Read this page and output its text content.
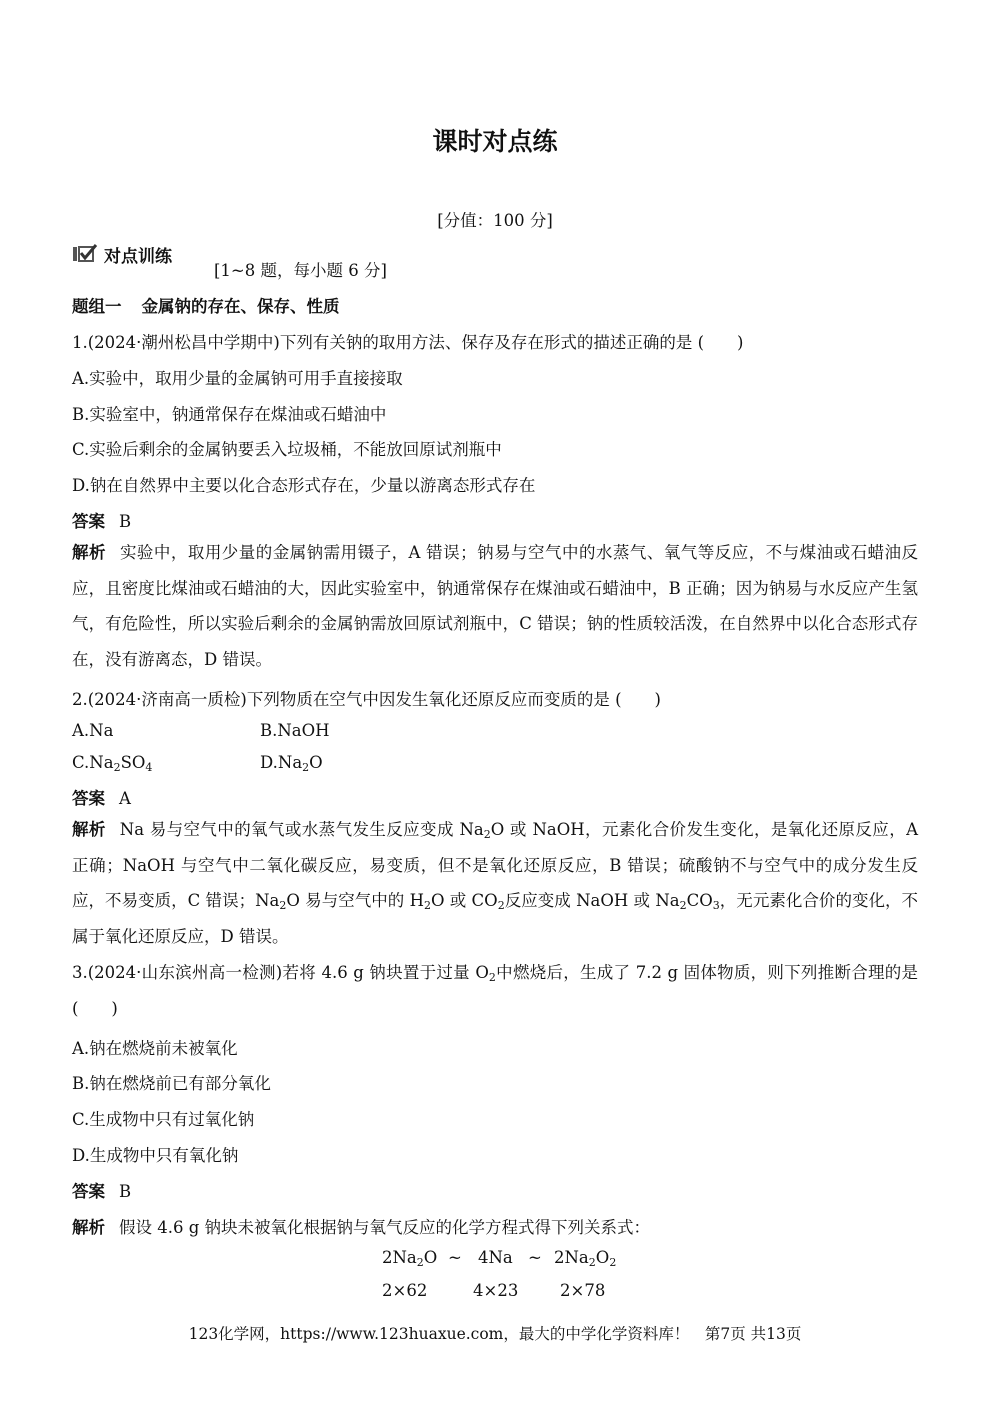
课时对点练
[分值：100 分]
对点训练
[1~8 题，每小题 6 分]
题组一 金属钠的存在、保存、性质
1.(2024·潮州松昌中学期中)下列有关钠的取用方法、保存及存在形式的描述正确的是 (　　)
A.实验中，取用少量的金属钠可用手直接接取
B.实验室中，钠通常保存在煤油或石蜡油中
C.实验后剩余的金属钠要丢入垃圾桶，不能放回原试剂瓶中
D.钠在自然界中主要以化合态形式存在，少量以游离态形式存在
答案 B
解析 实验中，取用少量的金属钠需用镊子，A 错误；钠易与空气中的水蒸气、氧气等反应，不与煤油或石蜡油反应，且密度比煤油或石蜡油的大，因此实验室中，钠通常保存在煤油或石蜡油中，B 正确；因为钠易与水反应产生氢气，有危险性，所以实验后剩余的金属钠需放回原试剂瓶中，C 错误；钠的性质较活泼，在自然界中以化合态形式存在，没有游离态，D 错误。
2.(2024·济南高一质检)下列物质在空气中因发生氧化还原反应而变质的是 (　　)
A.Na	B.NaOH
$C.Na_2SO_4$	$D.Na_2O$
答案 A
解析 Na 易与空气中的氧气或水蒸气发生反应变成 $Na_2O$ 或 NaOH，元素化合价发生变化，是氧化还原反应，A 正确；NaOH 与空气中二氧化碳反应，易变质，但不是氧化还原反应，B 错误；硫酸钠不与空气中的成分发生反应，不易变质，C 错误；$Na_2O$ 易与空气中的 $H_2O$ 或 $CO_2$反应变成 NaOH 或 $Na_2CO_3$，无元素化合价的变化，不属于氧化还原反应，D 错误。
3.(2024·山东滨州高一检测)若将 4.6 g 钠块置于过量 $O_2$中燃烧后，生成了 7.2 g 固体物质，则下列推断合理的是(　　)
A.钠在燃烧前未被氧化
B.钠在燃烧前已有部分氧化
C.生成物中只有过氧化钠
D.生成物中只有氧化钠
答案 B
解析 假设 4.6 g 钠块未被氧化根据钠与氧气反应的化学方程式得下列关系式：
$2Na_2O$ ~ 4Na ~ $2Na_2O_2$
2×62	4×23	2×78
123化学网，https://www.123huaxue.com，最大的中学化学资料库！　第7页 共13页
